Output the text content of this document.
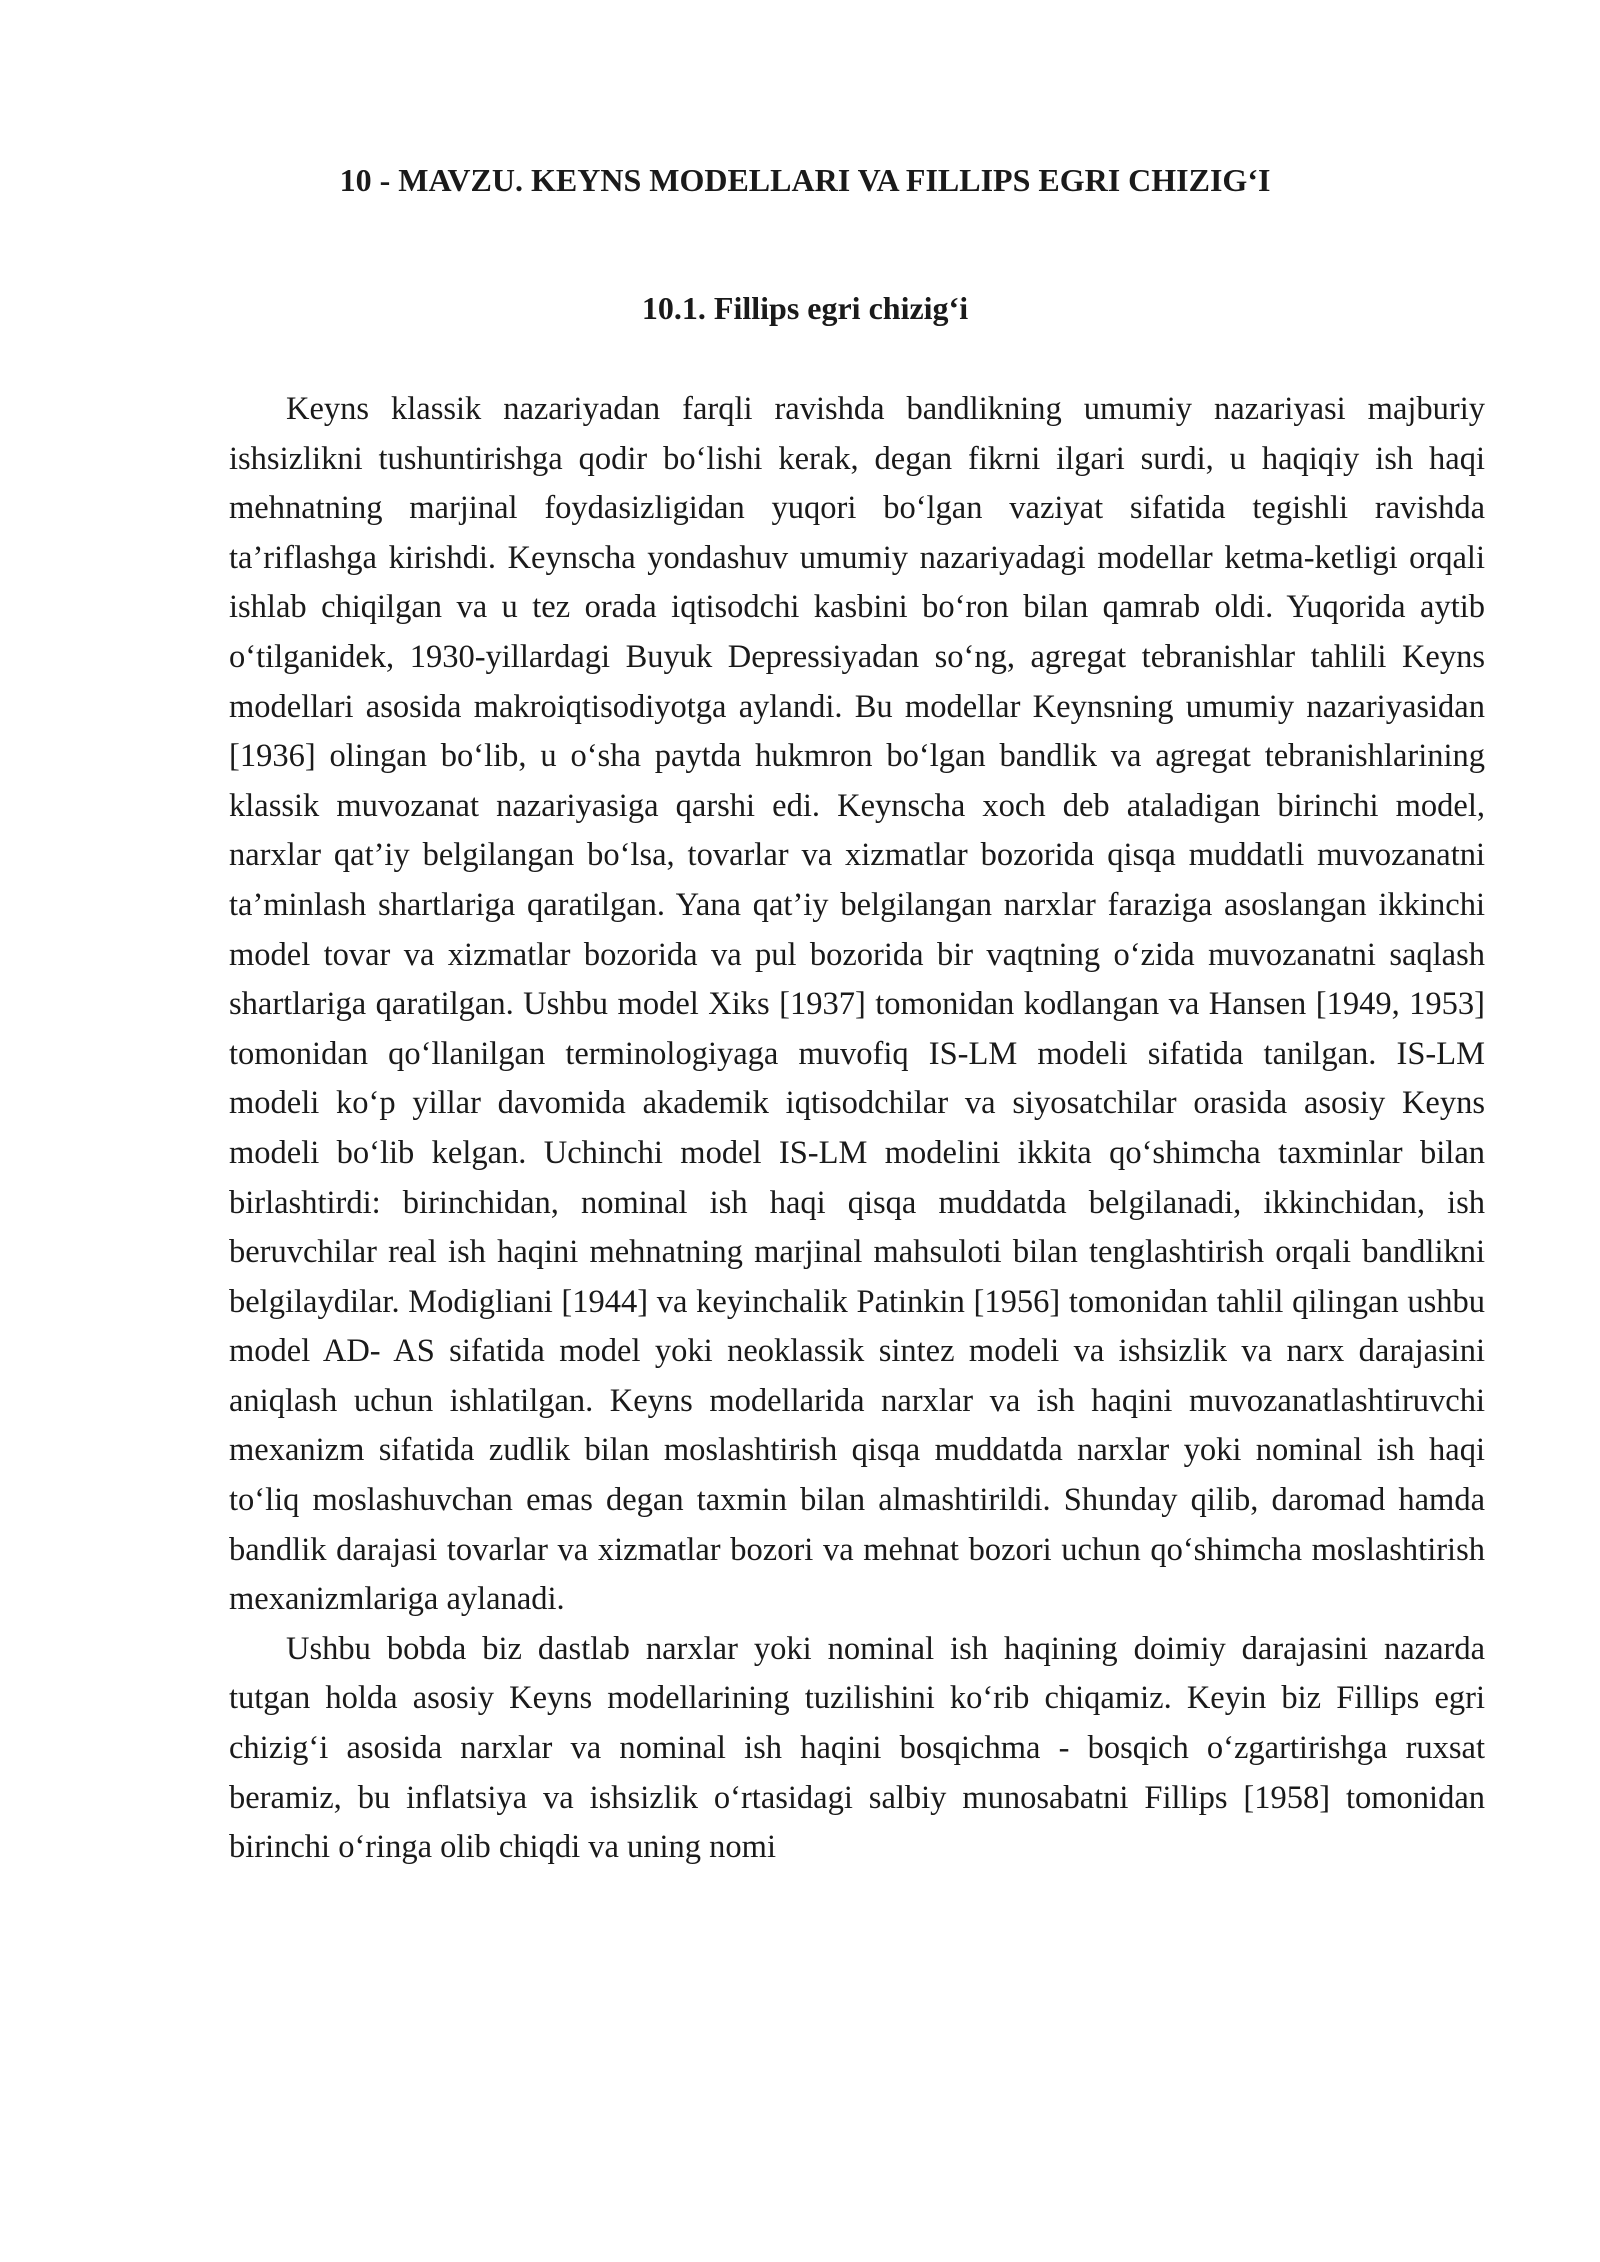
10 - MAVZU. KEYNS MODELLARI VA FILLIPS EGRI CHIZIG‘I
10.1. Fillips egri chizig‘i

Keyns klassik nazariyadan farqli ravishda bandlikning umumiy nazariyasi majburiy ishsizlikni tushuntirishga qodir bo‘lishi kerak, degan fikrni ilgari surdi, u haqiqiy ish haqi mehnatning marjinal foydasizligidan yuqori bo‘lgan vaziyat sifatida tegishli ravishda ta’riflashga kirishdi. Keynscha yondashuv umumiy nazariyadagi modellar ketma-ketligi orqali ishlab chiqilgan va u tez orada iqtisodchi kasbini bo‘ron bilan qamrab oldi. Yuqorida aytib o‘tilganidek, 1930-yillardagi Buyuk Depressiyadan so‘ng, agregat tebranishlar tahlili Keyns modellari asosida makroiqtisodiyotga aylandi. Bu modellar Keynsning umumiy nazariyasidan [1936] olingan bo‘lib, u o‘sha paytda hukmron bo‘lgan bandlik va agregat tebranishlarining klassik muvozanat nazariyasiga qarshi edi. Keynscha xoch deb ataladigan birinchi model, narxlar qat’iy belgilangan bo‘lsa, tovarlar va xizmatlar bozorida qisqa muddatli muvozanatni ta’minlash shartlariga qaratilgan. Yana qat’iy belgilangan narxlar faraziga asoslangan ikkinchi model tovar va xizmatlar bozorida va pul bozorida bir vaqtning o‘zida muvozanatni saqlash shartlariga qaratilgan. Ushbu model Xiks [1937] tomonidan kodlangan va Hansen [1949, 1953] tomonidan qo‘llanilgan terminologiyaga muvofiq IS-LM modeli sifatida tanilgan. IS-LM modeli ko‘p yillar davomida akademik iqtisodchilar va siyosatchilar orasida asosiy Keyns modeli bo‘lib kelgan. Uchinchi model IS-LM modelini ikkita qo‘shimcha taxminlar bilan birlashtirdi: birinchidan, nominal ish haqi qisqa muddatda belgilanadi, ikkinchidan, ish beruvchilar real ish haqini mehnatning marjinal mahsuloti bilan tenglashtirish orqali bandlikni belgilaydilar. Modigliani [1944] va keyinchalik Patinkin [1956] tomonidan tahlil qilingan ushbu model AD- AS sifatida model yoki neoklassik sintez modeli va ishsizlik va narx darajasini aniqlash uchun ishlatilgan. Keyns modellarida narxlar va ish haqini muvozanatlashtiruvchi mexanizm sifatida zudlik bilan moslashtirish qisqa muddatda narxlar yoki nominal ish haqi to‘liq moslashuvchan emas degan taxmin bilan almashtirildi. Shunday qilib, daromad hamda bandlik darajasi tovarlar va xizmatlar bozori va mehnat bozori uchun qo‘shimcha moslashtirish mexanizmlariga aylanadi.

Ushbu bobda biz dastlab narxlar yoki nominal ish haqining doimiy darajasini nazarda tutgan holda asosiy Keyns modellarining tuzilishini ko‘rib chiqamiz. Keyin biz Fillips egri chizig‘i asosida narxlar va nominal ish haqini bosqichma - bosqich o‘zgartirishga ruxsat beramiz, bu inflatsiya va ishsizlik o‘rtasidagi salbiy munosabatni Fillips [1958] tomonidan birinchi o‘ringa olib chiqdi va uning nomi
